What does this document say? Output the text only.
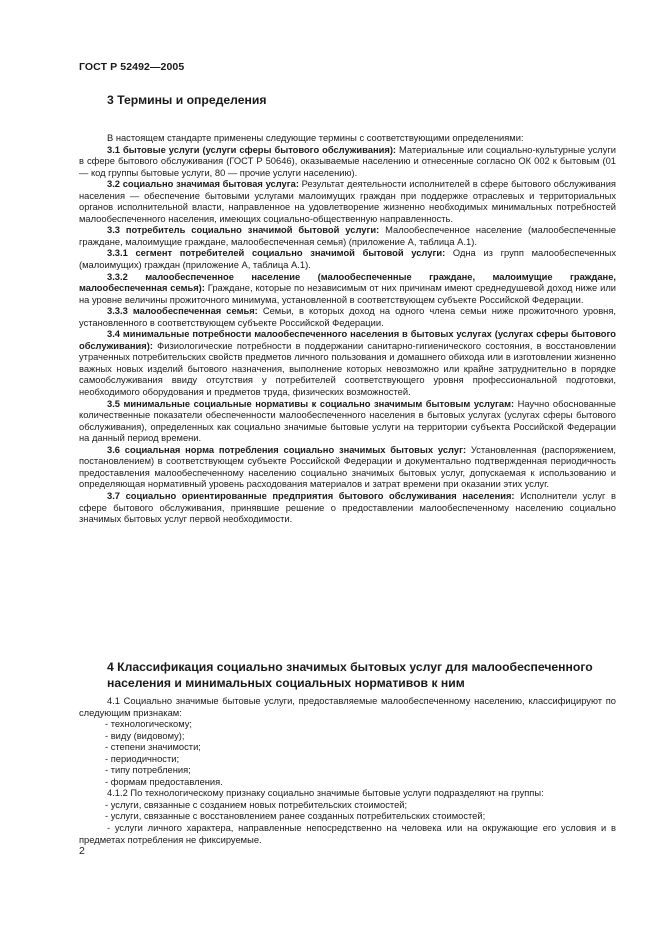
ГОСТ Р 52492—2005
3 Термины и определения

В настоящем стандарте применены следующие термины с соответствующими определениями:

3.1 бытовые услуги (услуги сферы бытового обслуживания): Материальные или социально-культурные услуги в сфере бытового обслуживания (ГОСТ Р 50646), оказываемые населению и отнесенные согласно ОК 002 к бытовым (01 — код группы бытовые услуги, 80 — прочие услуги населению).

3.2 социально значимая бытовая услуга: Результат деятельности исполнителей в сфере бытового обслуживания населения — обеспечение бытовыми услугами малоимущих граждан при поддержке отраслевых и территориальных органов исполнительной власти, направленное на удовлетворение жизненно необходимых минимальных потребностей малообеспеченного населения, имеющих социально-общественную направленность.

3.3 потребитель социально значимой бытовой услуги: Малообеспеченное население (малообеспеченные граждане, малоимущие граждане, малообеспеченная семья) (приложение А, таблица А.1).

3.3.1 сегмент потребителей социально значимой бытовой услуги: Одна из групп малообеспеченных (малоимущих) граждан (приложение А, таблица А.1).

3.3.2 малообеспеченное население (малообеспеченные граждане, малоимущие граждане, малообеспеченная семья): Граждане, которые по независимым от них причинам имеют среднедушевой доход ниже или на уровне величины прожиточного минимума, установленной в соответствующем субъекте Российской Федерации.

3.3.3 малообеспеченная семья: Семьи, в которых доход на одного члена семьи ниже прожиточного уровня, установленного в соответствующем субъекте Российской Федерации.

3.4 минимальные потребности малообеспеченного населения в бытовых услугах (услугах сферы бытового обслуживания): Физиологические потребности в поддержании санитарно-гигиенического состояния, в восстановлении утраченных потребительских свойств предметов личного пользования и домашнего обихода или в изготовлении жизненно важных новых изделий бытового назначения, выполнение которых невозможно или крайне затруднительно в порядке самообслуживания ввиду отсутствия у потребителей соответствующего уровня профессиональной подготовки, необходимого оборудования и предметов труда, физических возможностей.

3.5 минимальные социальные нормативы к социально значимым бытовым услугам: Научно обоснованные количественные показатели обеспеченности малообеспеченного населения в бытовых услугах (услугах сферы бытового обслуживания), определенных как социально значимые бытовые услуги на территории субъекта Российской Федерации на данный период времени.

3.6 социальная норма потребления социально значимых бытовых услуг: Установленная (распоряжением, постановлением) в соответствующем субъекте Российской Федерации и документально подтвержденная периодичность предоставления малообеспеченному населению социально значимых бытовых услуг, допускаемая к использованию и определяющая нормативный уровень расходования материалов и затрат времени при оказании этих услуг.

3.7 социально ориентированные предприятия бытового обслуживания населения: Исполнители услуг в сфере бытового обслуживания, принявшие решение о предоставлении малообеспеченному населению социально значимых бытовых услуг первой необходимости.

4 Классификация социально значимых бытовых услуг для малообеспеченного населения и минимальных социальных нормативов к ним

4.1 Социально значимые бытовые услуги, предоставляемые малообеспеченному населению, классифицируют по следующим признакам:

- технологическому;

- виду (видовому);

- степени значимости;

- периодичности;

- типу потребления;

- формам предоставления.

4.1.2 По технологическому признаку социально значимые бытовые услуги подразделяют на группы:

- услуги, связанные с созданием новых потребительских стоимостей;

- услуги, связанные с восстановлением ранее созданных потребительских стоимостей;

- услуги личного характера, направленные непосредственно на человека или на окружающие его условия и в предметах потребления не фиксируемые.

2
